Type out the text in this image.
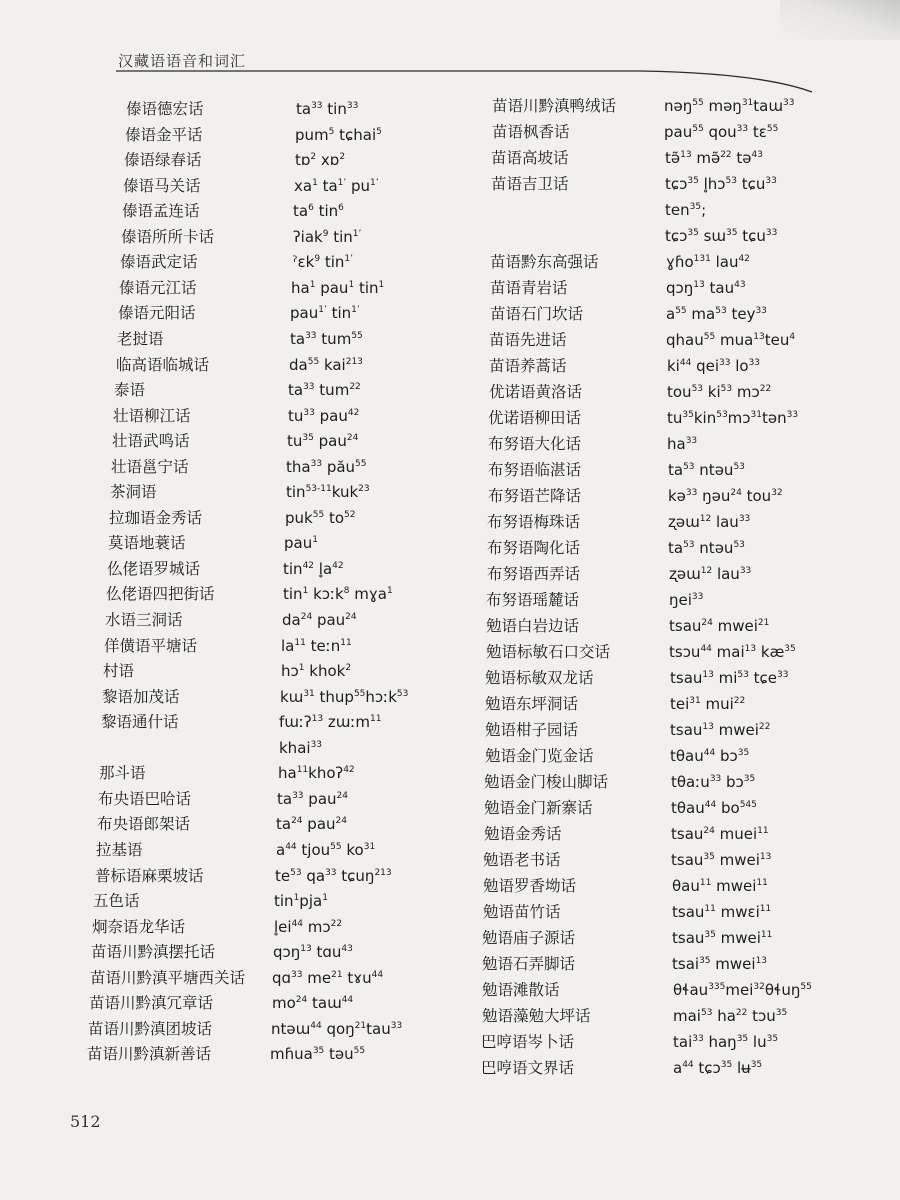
汉藏语语音和词汇
傣语德宏话	$ta^{33}$ tin$^{33}$
傣语金平话	pum$^5$ tɕhai$^5$
傣语绿春话	tɒ$^2$ xɒ$^2$
傣语马关话	$xa^1$ $ta^{1ʼ}$ $pu^{1ʼ}$
傣语孟连话	$ta^6$ tin$^6$
傣语所所卡话	ʔiak$^9$ tin$^{1ʼ}$
傣语武定话	ˀɛk$^9$ tin$^{1ʼ}$
傣语元江话	$ha^1$ pau$^1$ tin$^1$
傣语元阳话	pau$^{1ʼ}$ tin$^{1ʼ}$
老挝语	$ta^{33}$ tum$^{55}$
临高语临城话	$da^{55}$ kai$^{213}$
泰语	$ta^{33}$ tum$^{22}$
壮语柳江话	$tu^{33}$ pau$^{42}$
壮语武鸣话	$tu^{35}$ pau$^{24}$
壮语邕宁话	tha$^{33}$ pău$^{55}$
茶洞语	tin$^{53-11}$kuk$^{23}$
拉珈语金秀话	puk$^{55}$ $to^{52}$
莫语地蓑话	pau$^1$
仫佬语罗城话	tin$^{42}$ $l̥a^{42}$
仫佬语四把街话	tin$^1$ kɔːk$^8$ mɣa$^1$
水语三洞话	$da^{24}$ pau$^{24}$
佯僙语平塘话	$la^{11}$ teːn$^{11}$
村语	hɔ$^1$ khok$^2$
黎语加茂话	kɯ$^{31}$ thup$^{55}$hɔːk$^{53}$
黎语通什话	fɯːʔ$^{13}$ zɯːm$^{11}$
khai$^{33}$
那斗语	$ha^{11}khoʔ^{42}$
布央语巴哈话	$ta^{33}$ pau$^{24}$
布央语郎架话	$ta^{24}$ pau$^{24}$
拉基语	$a^{44}$ tjou$^{55}$ $ko^{31}$
普标语麻栗坡话	$te^{53}$ $qa^{33}$ tɕuŋ$^{213}$
五色话	tin$^1$pja$^1$
炯奈语龙华话	$l̥ei^{44}$ mɔ$^{22}$
苗语川黔滇摆托话	qɔŋ$^{13}$ tɑu$^{43}$
苗语川黔滇平塘西关话 qɑ$^{33}$ $me^{21}$ tɤu$^{44}$
苗语川黔滇冗章话	$mo^{24}$ taɯ$^{44}$
苗语川黔滇团坡话	ntəɯ$^{44}$ qoŋ$^{21}$tau$^{33}$
苗语川黔滇新善话	mɦua$^{35}$ təu$^{55}$
苗语川黔滇鸭绒话	nəŋ$^{55}$ məŋ$^{31}$taɯ$^{33}$
苗语枫香话	pau$^{55}$ qou$^{33}$ tɛ$^{55}$
苗语高坡话	tə̃$^{13}$ mə̃$^{22}$ tə$^{43}$
苗语吉卫话	tɕɔ$^{35}$ l̥hɔ$^{53}$ tɕu$^{33}$
ten$^{35}$;
tɕɔ$^{35}$ sɯ$^{35}$ tɕu$^{33}$
苗语黔东高强话	ɣɦo$^{131}$ lau$^{42}$
苗语青岩话	qɔŋ$^{13}$ tau$^{43}$
苗语石门坎话	$a^{55}$ $ma^{53}$ tey$^{33}$
苗语先进话	qhau$^{55}$ mua$^{13}$teu$^4$
苗语养蒿话	$ki^{44}$ qei$^{33}$ $lo^{33}$
优诺语黄洛话	tou$^{53}$ $ki^{53}$ mɔ$^{22}$
优诺语柳田话	$tu^{35}kin^{53}mɔ^{31}tən^{33}$
布努语大化话	$ha^{33}$
布努语临湛话	$ta^{53}$ ntəu$^{53}$
布努语芒降话	kə$^{33}$ ŋəu$^{24}$ tou$^{32}$
布努语梅珠话	ʐəɯ$^{12}$ lau$^{33}$
布努语陶化话	$ta^{53}$ ntəu$^{53}$
布努语西弄话	ʐəɯ$^{12}$ lau$^{33}$
布努语瑶麓话	ŋei$^{33}$
勉语白岩边话	tsau$^{24}$ mwei$^{21}$
勉语标敏石口交话	tsɔu$^{44}$ mai$^{13}$ $kæ^{35}$
勉语标敏双龙话	tsau$^{13}$ $mi^{53}$ tɕe$^{33}$
勉语东坪洞话	tei$^{31}$ mui$^{22}$
勉语柑子园话	tsau$^{13}$ mwei$^{22}$
勉语金门览金话	tθau$^{44}$ bɔ$^{35}$
勉语金门梭山脚话	tθaːu$^{33}$ bɔ$^{35}$
勉语金门新寨话	tθau$^{44}$ $bo^{545}$
勉语金秀话	tsau$^{24}$ muei$^{11}$
勉语老书话	tsau$^{35}$ mwei$^{13}$
勉语罗香坳话	θau$^{11}$ mwei$^{11}$
勉语苗竹话	tsau$^{11}$ mwɛi$^{11}$
勉语庙子源话	tsau$^{35}$ mwei$^{11}$
勉语石弄脚话	tsai$^{35}$ mwei$^{13}$
勉语滩散话	θɬau$^{335}$mei$^{32}$θɬuŋ$^{55}$
勉语藻勉大坪话	mai$^{53}$ $ha^{22}$ tɔu$^{35}$
巴哼语岑卜话	tai$^{33}$ haŋ$^{35}$ $lu^{35}$
巴哼语文界话	$a^{44}$ tɕɔ$^{35}$ lʉ$^{35}$
512
